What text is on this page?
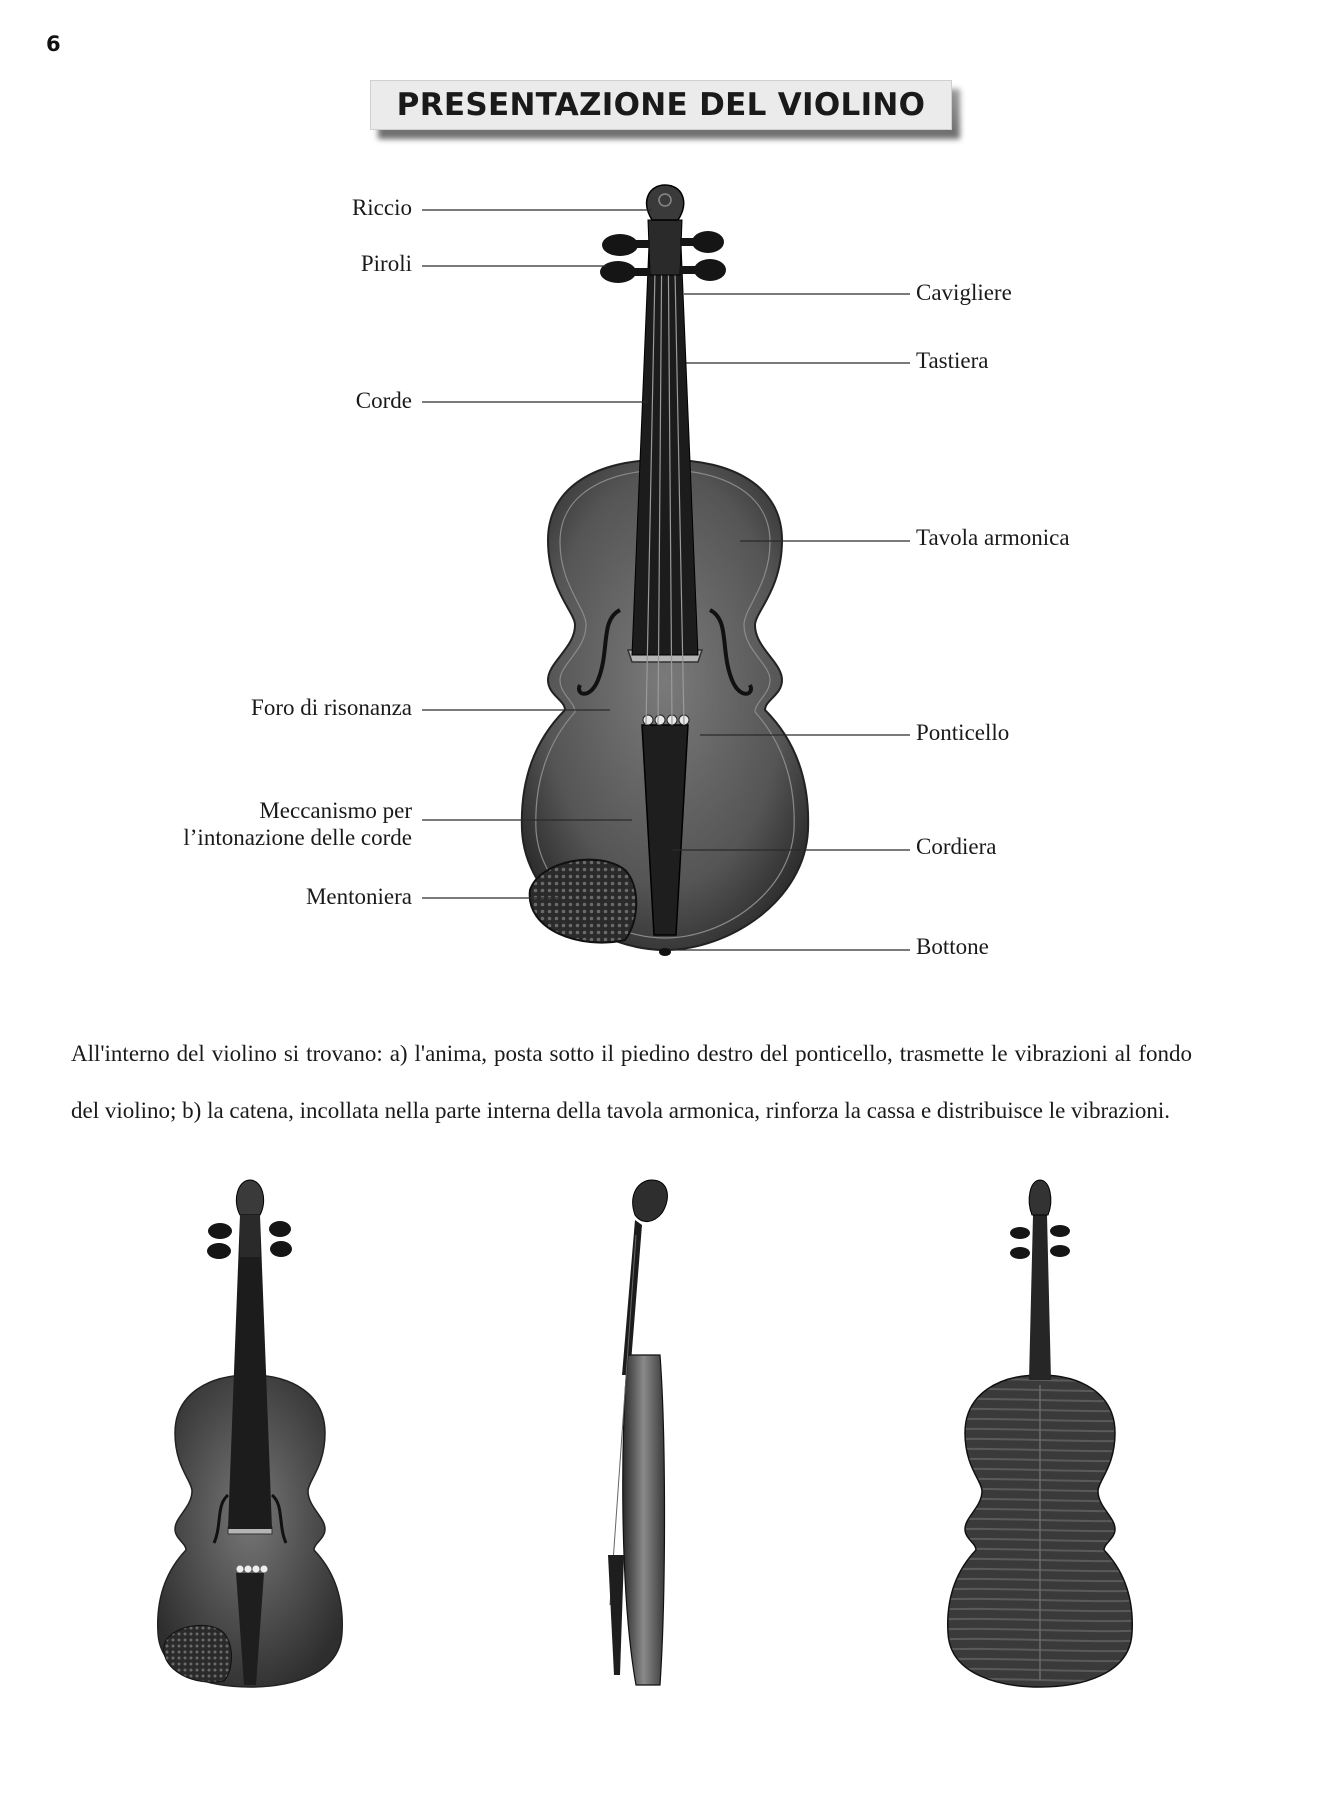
6
PRESENTAZIONE DEL VIOLINO
Riccio
Piroli
Corde
Foro di risonanza
Meccanismo per
l’intonazione delle corde
Mentoniera
Cavigliere
Tastiera
Tavola armonica
Ponticello
Cordiera
Bottone

All'interno del violino si trovano: a) l'anima, posta sotto il piedino destro del ponticello, trasmette le vibrazioni al fondo del violino; b) la catena, incollata nella parte interna della tavola armonica, rinforza la cassa e distribuisce le vibrazioni.
